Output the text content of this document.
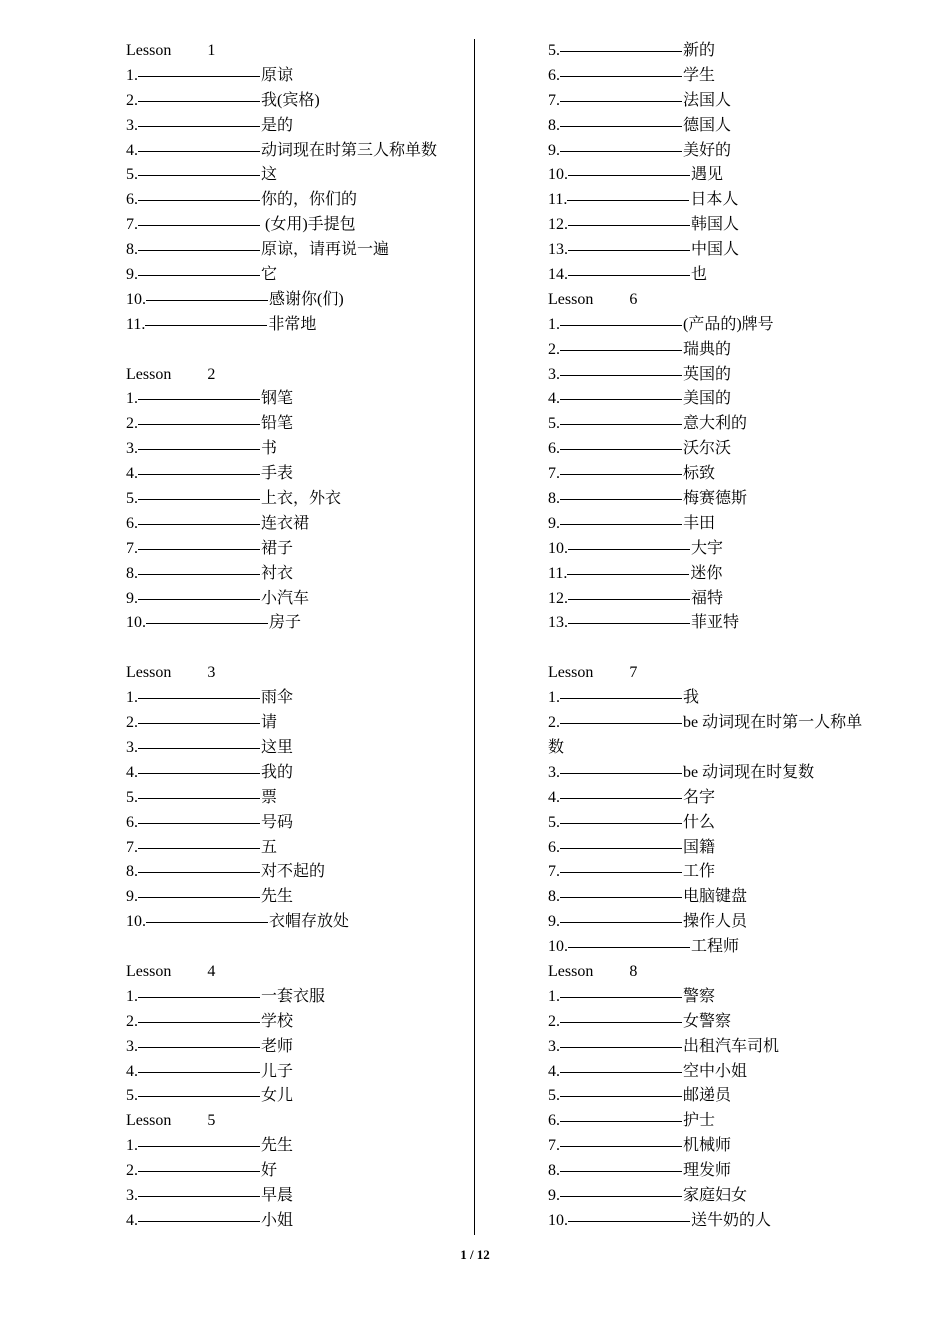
Lesson 1
1.	原谅
2.	我(宾格)
3.	是的
4.	动词现在时第三人称单数
5.	这
6.	你的，你们的
7.	(女用)手提包
8.	原谅，请再说一遍
9.	它
10.	感谢你(们)
11.	非常地
Lesson 2
1.	钢笔
2.	铅笔
3.	书
4.	手表
5.	上衣，外衣
6.	连衣裙
7.	裙子
8.	衬衣
9.	小汽车
10.	房子
Lesson 3
1.	雨伞
2.	请
3.	这里
4.	我的
5.	票
6.	号码
7.	五
8.	对不起的
9.	先生
10.	衣帽存放处
Lesson 4
1.	一套衣服
2.	学校
3.	老师
4.	儿子
5.	女儿
Lesson 5
1.	先生
2.	好
3.	早晨
4.	小姐
5.	新的
6.	学生
7.	法国人
8.	德国人
9.	美好的
10.	遇见
11.	日本人
12.	韩国人
13.	中国人
14.	也
Lesson 6
1.	(产品的)牌号
2.	瑞典的
3.	英国的
4.	美国的
5.	意大利的
6.	沃尔沃
7.	标致
8.	梅赛德斯
9.	丰田
10.	大宇
11.	迷你
12.	福特
13.	菲亚特
Lesson 7
1.	我
2.	be 动词现在时第一人称单
数
3.	be 动词现在时复数
4.	名字
5.	什么
6.	国籍
7.	工作
8.	电脑键盘
9.	操作人员
10.	工程师
Lesson 8
1.	警察
2.	女警察
3.	出租汽车司机
4.	空中小姐
5.	邮递员
6.	护士
7.	机械师
8.	理发师
9.	家庭妇女
10.	送牛奶的人
1 / 12
